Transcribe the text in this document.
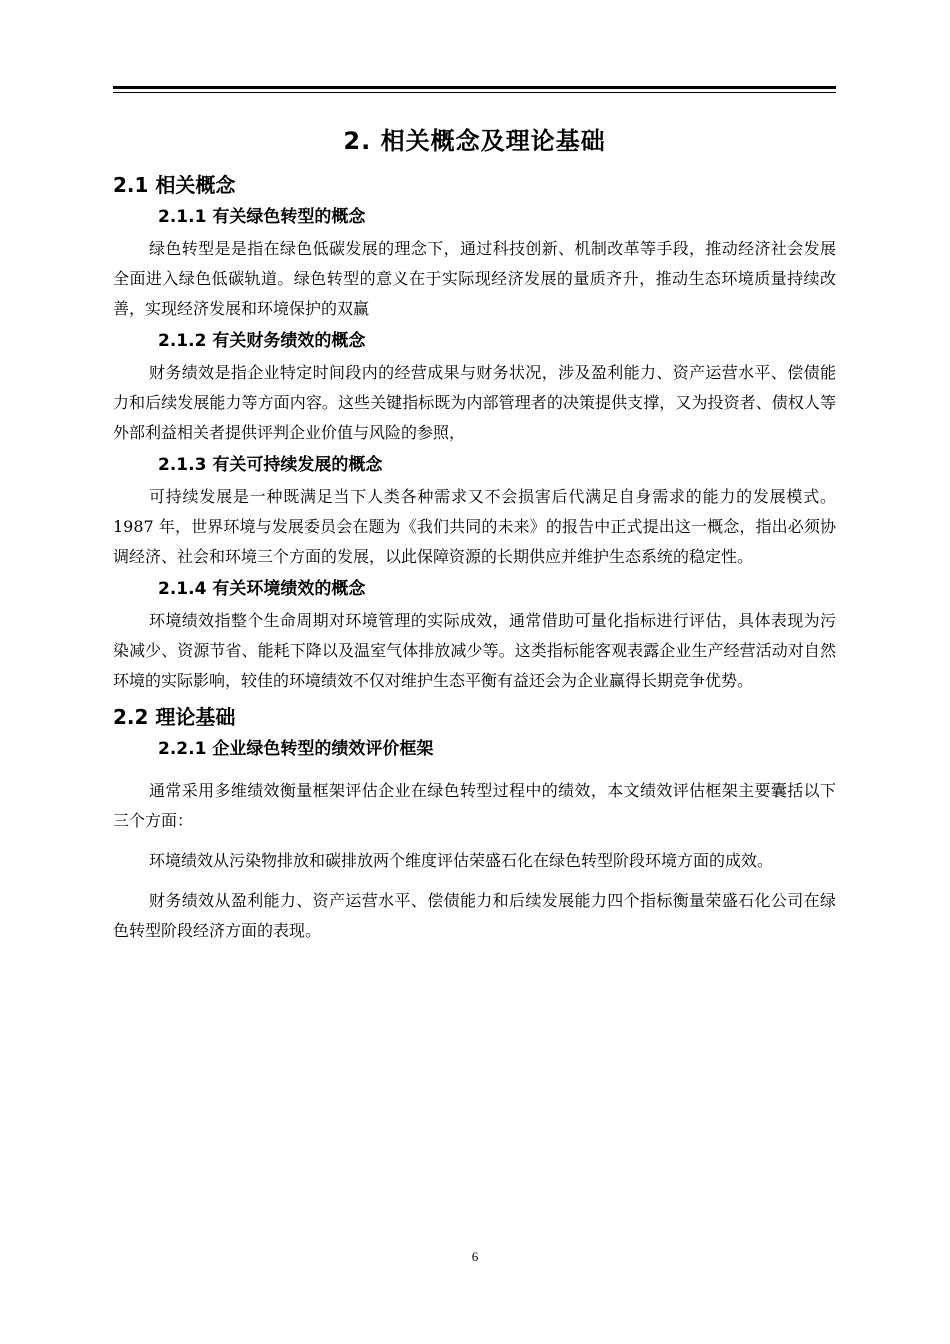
2. 相关概念及理论基础
2.1 相关概念
2.1.1 有关绿色转型的概念

绿色转型是是指在绿色低碳发展的理念下，通过科技创新、机制改革等手段，推动经济社会发展全面进入绿色低碳轨道。绿色转型的意义在于实际现经济发展的量质齐升，推动生态环境质量持续改善，实现经济发展和环境保护的双赢

2.1.2 有关财务绩效的概念

财务绩效是指企业特定时间段内的经营成果与财务状况，涉及盈利能力、资产运营水平、偿债能力和后续发展能力等方面内容。这些关键指标既为内部管理者的决策提供支撑，又为投资者、债权人等外部利益相关者提供评判企业价值与风险的参照，

2.1.3 有关可持续发展的概念

可持续发展是一种既满足当下人类各种需求又不会损害后代满足自身需求的能力的发展模式。1987 年，世界环境与发展委员会在题为《我们共同的未来》的报告中正式提出这一概念，指出必须协调经济、社会和环境三个方面的发展，以此保障资源的长期供应并维护生态系统的稳定性。

2.1.4 有关环境绩效的概念

环境绩效指整个生命周期对环境管理的实际成效，通常借助可量化指标进行评估，具体表现为污染减少、资源节省、能耗下降以及温室气体排放减少等。这类指标能客观表露企业生产经营活动对自然环境的实际影响，较佳的环境绩效不仅对维护生态平衡有益还会为企业赢得长期竞争优势。

2.2 理论基础
2.2.1 企业绿色转型的绩效评价框架

通常采用多维绩效衡量框架评估企业在绿色转型过程中的绩效，本文绩效评估框架主要囊括以下三个方面：

环境绩效从污染物排放和碳排放两个维度评估荣盛石化在绿色转型阶段环境方面的成效。

财务绩效从盈利能力、资产运营水平、偿债能力和后续发展能力四个指标衡量荣盛石化公司在绿色转型阶段经济方面的表现。

6
